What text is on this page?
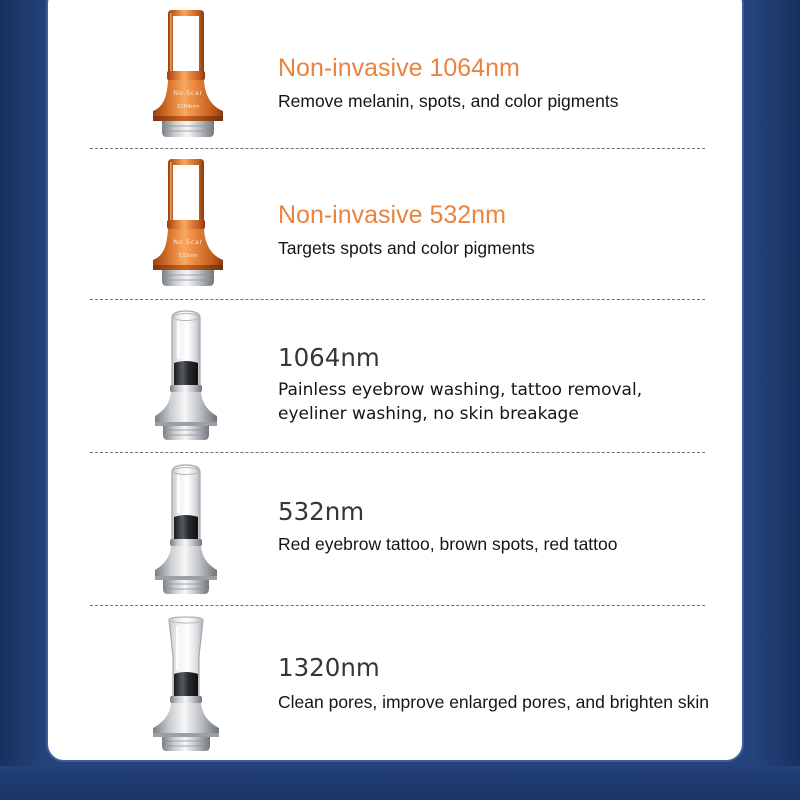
No Scar
1064nm
Non-invasive 1064nm
Remove melanin, spots, and color pigments
No Scar
532nm
Non-invasive 532nm
Targets spots and color pigments
1064nm
Painless eyebrow washing, tattoo removal,
eyeliner washing, no skin breakage
532nm
Red eyebrow tattoo, brown spots, red tattoo
1320nm
Clean pores, improve enlarged pores, and brighten skin
